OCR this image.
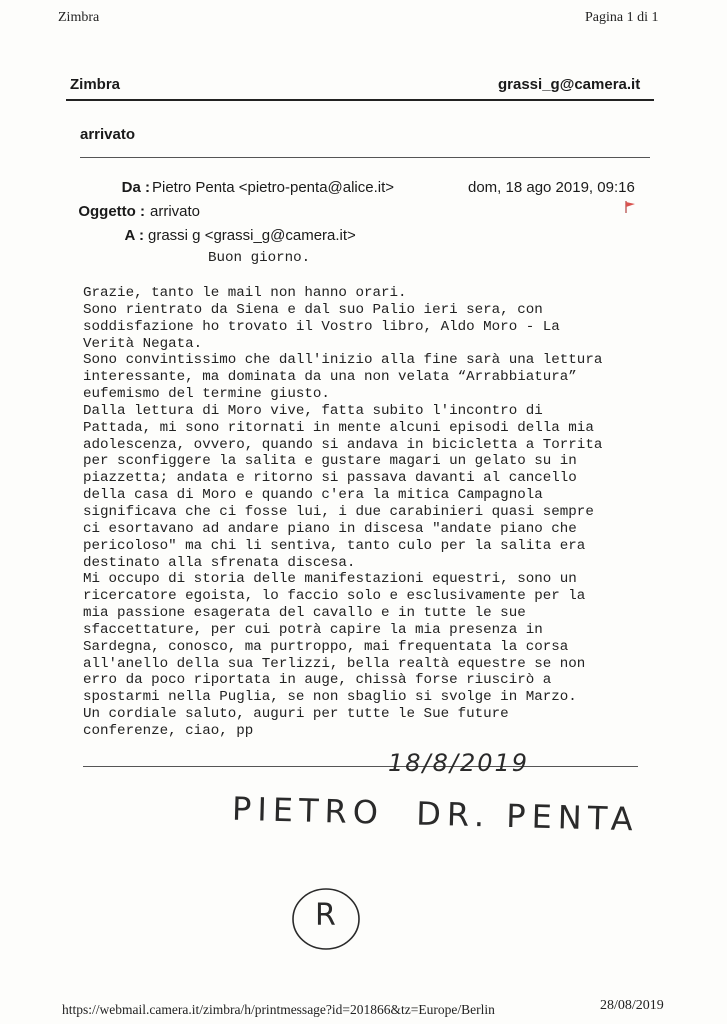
Zimbra	Pagina 1 di 1
Zimbra	grassi_g@camera.it
arrivato
Da : Pietro Penta <pietro-penta@alice.it>	dom, 18 ago 2019, 09:16
Oggetto : arrivato
A : grassi g <grassi_g@camera.it>
Buon giorno.
Grazie, tanto le mail non hanno orari.
Sono rientrato da Siena e dal suo Palio ieri sera, con
soddisfazione ho trovato il Vostro libro, Aldo Moro - La
Verità Negata.
Sono convintissimo che dall'inizio alla fine sarà una lettura
interessante, ma dominata da una non velata “Arrabbiatura”
eufemismo del termine giusto.
Dalla lettura di Moro vive, fatta subito l'incontro di
Pattada, mi sono ritornati in mente alcuni episodi della mia
adolescenza, ovvero, quando si andava in bicicletta a Torrita
per sconfiggere la salita e gustare magari un gelato su in
piazzetta; andata e ritorno si passava davanti al cancello
della casa di Moro e quando c'era la mitica Campagnola
significava che ci fosse lui, i due carabinieri quasi sempre
ci esortavano ad andare piano in discesa "andate piano che
pericoloso" ma chi li sentiva, tanto culo per la salita era
destinato alla sfrenata discesa.
Mi occupo di storia delle manifestazioni equestri, sono un
ricercatore egoista, lo faccio solo e esclusivamente per la
mia passione esagerata del cavallo e in tutte le sue
sfaccettature, per cui potrà capire la mia presenza in
Sardegna, conosco, ma purtroppo, mai frequentata la corsa
all'anello della sua Terlizzi, bella realtà equestre se non
erro da poco riportata in auge, chissà forse riuscirò a
spostarmi nella Puglia, se non sbaglio si svolge in Marzo.
Un cordiale saluto, auguri per tutte le Sue future
conferenze, ciao, pp
18/8/2019
PIETRO  DR. PENTA
R
https://webmail.camera.it/zimbra/h/printmessage?id=201866&tz=Europe/Berlin	28/08/2019
